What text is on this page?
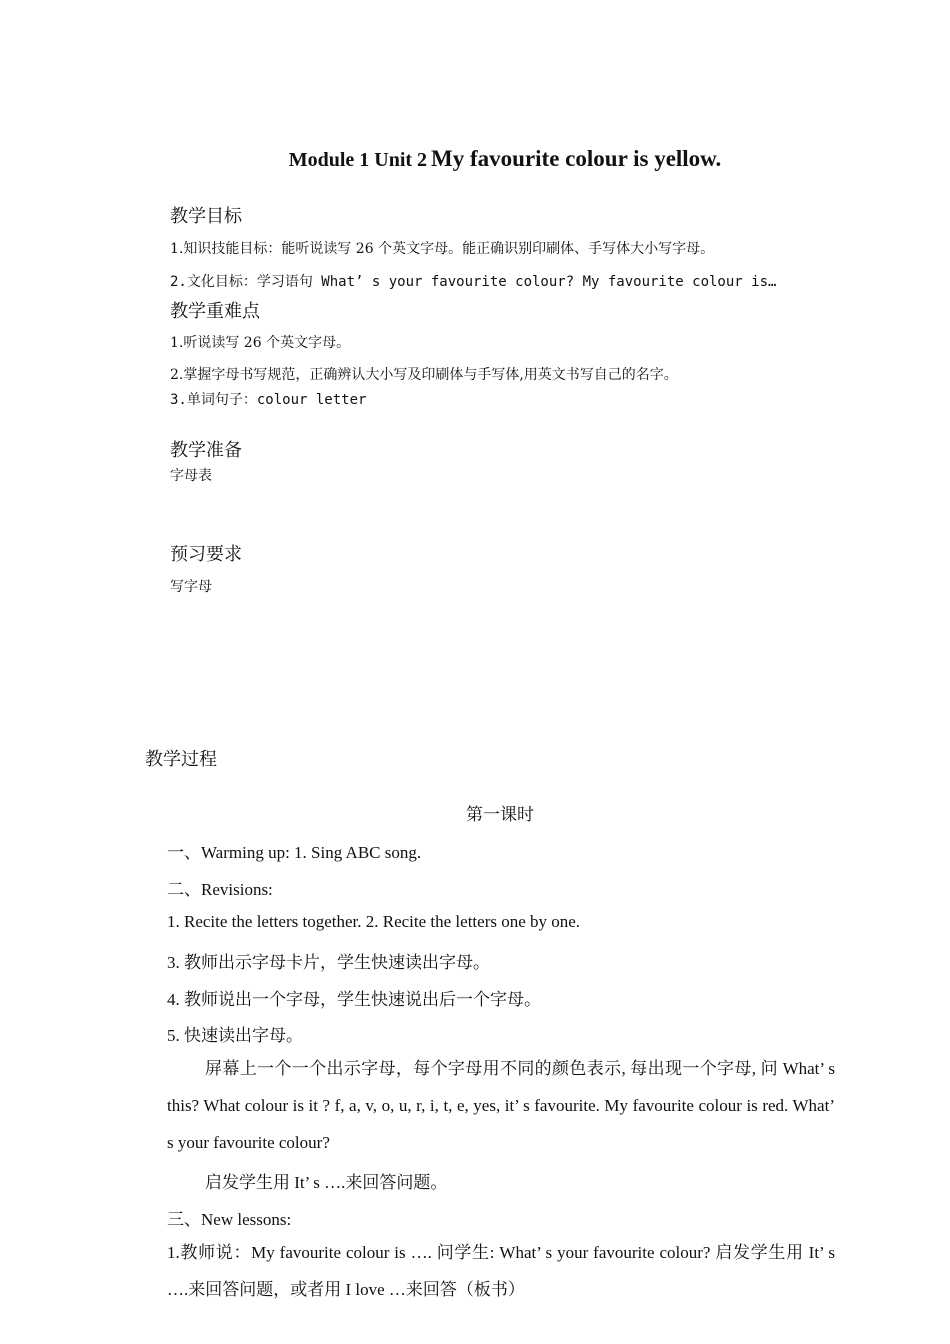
Module 1 Unit 2 My favourite colour is yellow.
教学目标
1.知识技能目标：能听说读写 26 个英文字母。能正确识别印刷体、手写体大小写字母。
2.文化目标：学习语句 What’ s your favourite colour? My favourite colour is…
教学重难点
1.听说读写 26 个英文字母。
2.掌握字母书写规范，正确辨认大小写及印刷体与手写体,用英文书写自己的名字。
3.单词句子：colour letter
教学准备
字母表
预习要求
写字母
教学过程
第一课时
一、Warming up: 1. Sing ABC song.
二、Revisions:
1. Recite the letters together. 2. Recite the letters one by one.
3. 教师出示字母卡片，学生快速读出字母。
4. 教师说出一个字母，学生快速说出后一个字母。
5. 快速读出字母。
屏幕上一个一个出示字母，每个字母用不同的颜色表示, 每出现一个字母, 问 What’ s this? What colour is it ? f, a, v, o, u, r, i, t, e, yes, it’ s favourite. My favourite colour is red. What’ s your favourite colour?
启发学生用 It’ s ….来回答问题。
三、New lessons:
1.教师说：My favourite colour is …. 问学生: What’ s your favourite colour? 启发学生用 It’ s ….来回答问题，或者用 I love …来回答（板书）
